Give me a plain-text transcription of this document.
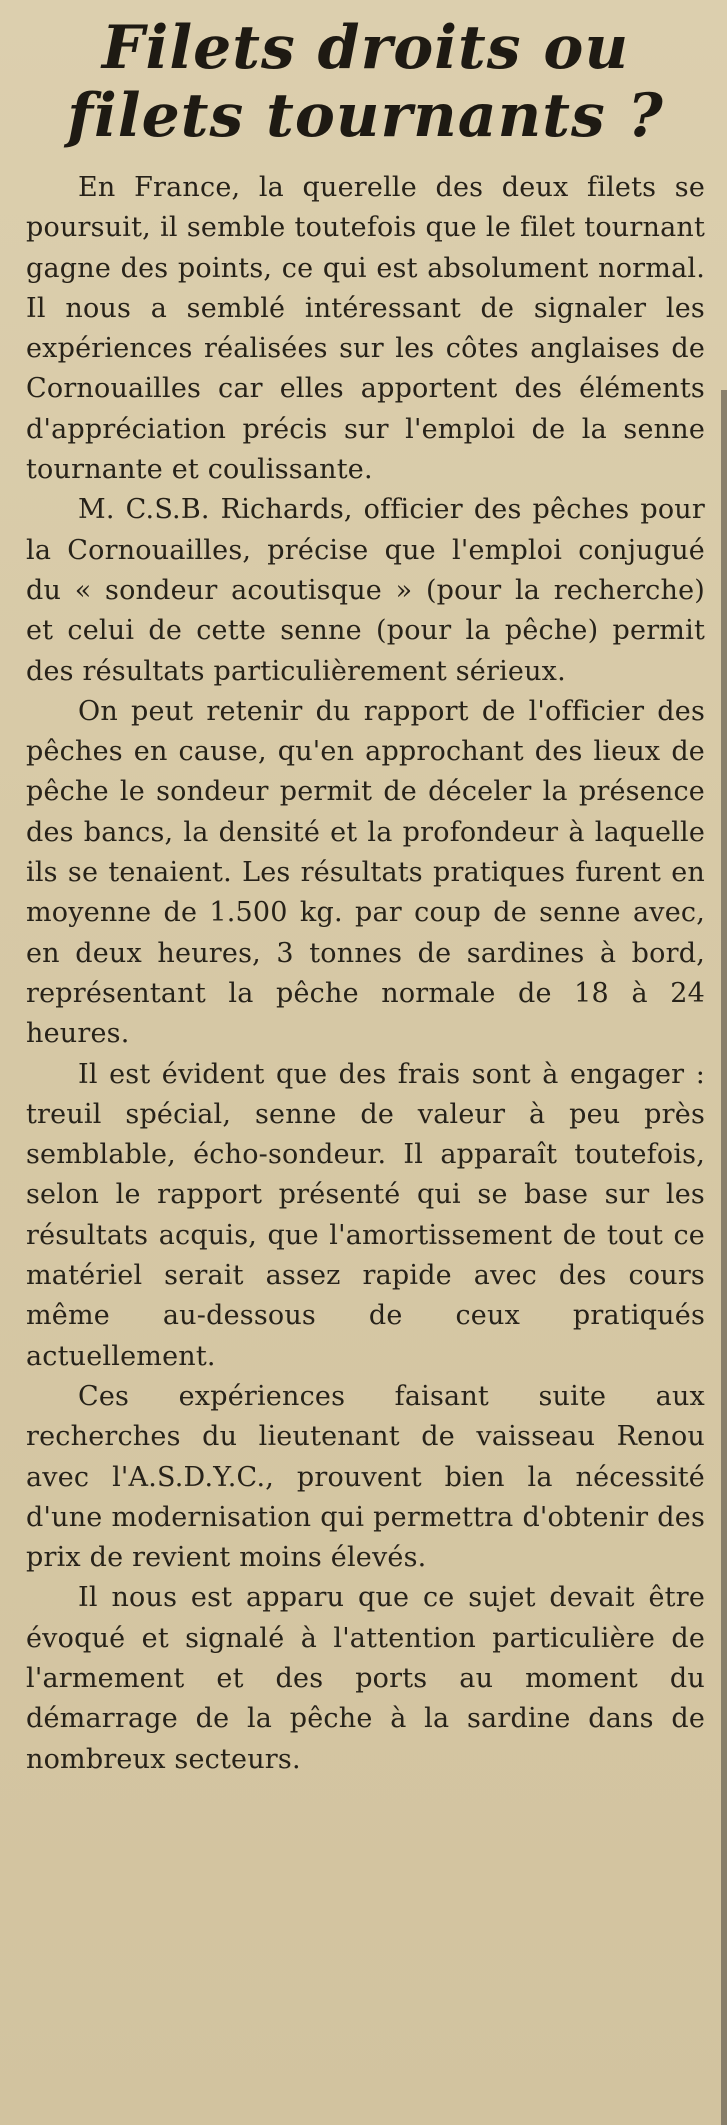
Filets droits ou
filets tournants ?

En France, la querelle des deux filets se poursuit, il semble toutefois que le filet tournant gagne des points, ce qui est absolument normal. Il nous a semblé intéressant de signaler les expériences réalisées sur les côtes anglaises de Cornouailles car elles apportent des éléments d'appréciation précis sur l'emploi de la senne tournante et coulissante.

M. C.S.B. Richards, officier des pêches pour la Cornouailles, précise que l'emploi conjugué du « sondeur acoutisque » (pour la recherche) et celui de cette senne (pour la pêche) permit des résultats particulièrement sérieux.

On peut retenir du rapport de l'officier des pêches en cause, qu'en approchant des lieux de pêche le sondeur permit de déceler la présence des bancs, la densité et la profondeur à laquelle ils se tenaient. Les résultats pratiques furent en moyenne de 1.500 kg. par coup de senne avec, en deux heures, 3 tonnes de sardines à bord, représentant la pêche normale de 18 à 24 heures.

Il est évident que des frais sont à engager : treuil spécial, senne de valeur à peu près semblable, écho-sondeur. Il apparaît toutefois, selon le rapport présenté qui se base sur les résultats acquis, que l'amortissement de tout ce matériel serait assez rapide avec des cours même au-dessous de ceux pratiqués actuellement.

Ces expériences faisant suite aux recherches du lieutenant de vaisseau Renou avec l'A.S.D.Y.C., prouvent bien la nécessité d'une modernisation qui permettra d'obtenir des prix de revient moins élevés.

Il nous est apparu que ce sujet devait être évoqué et signalé à l'attention particulière de l'armement et des ports au moment du démarrage de la pêche à la sardine dans de nombreux secteurs.
